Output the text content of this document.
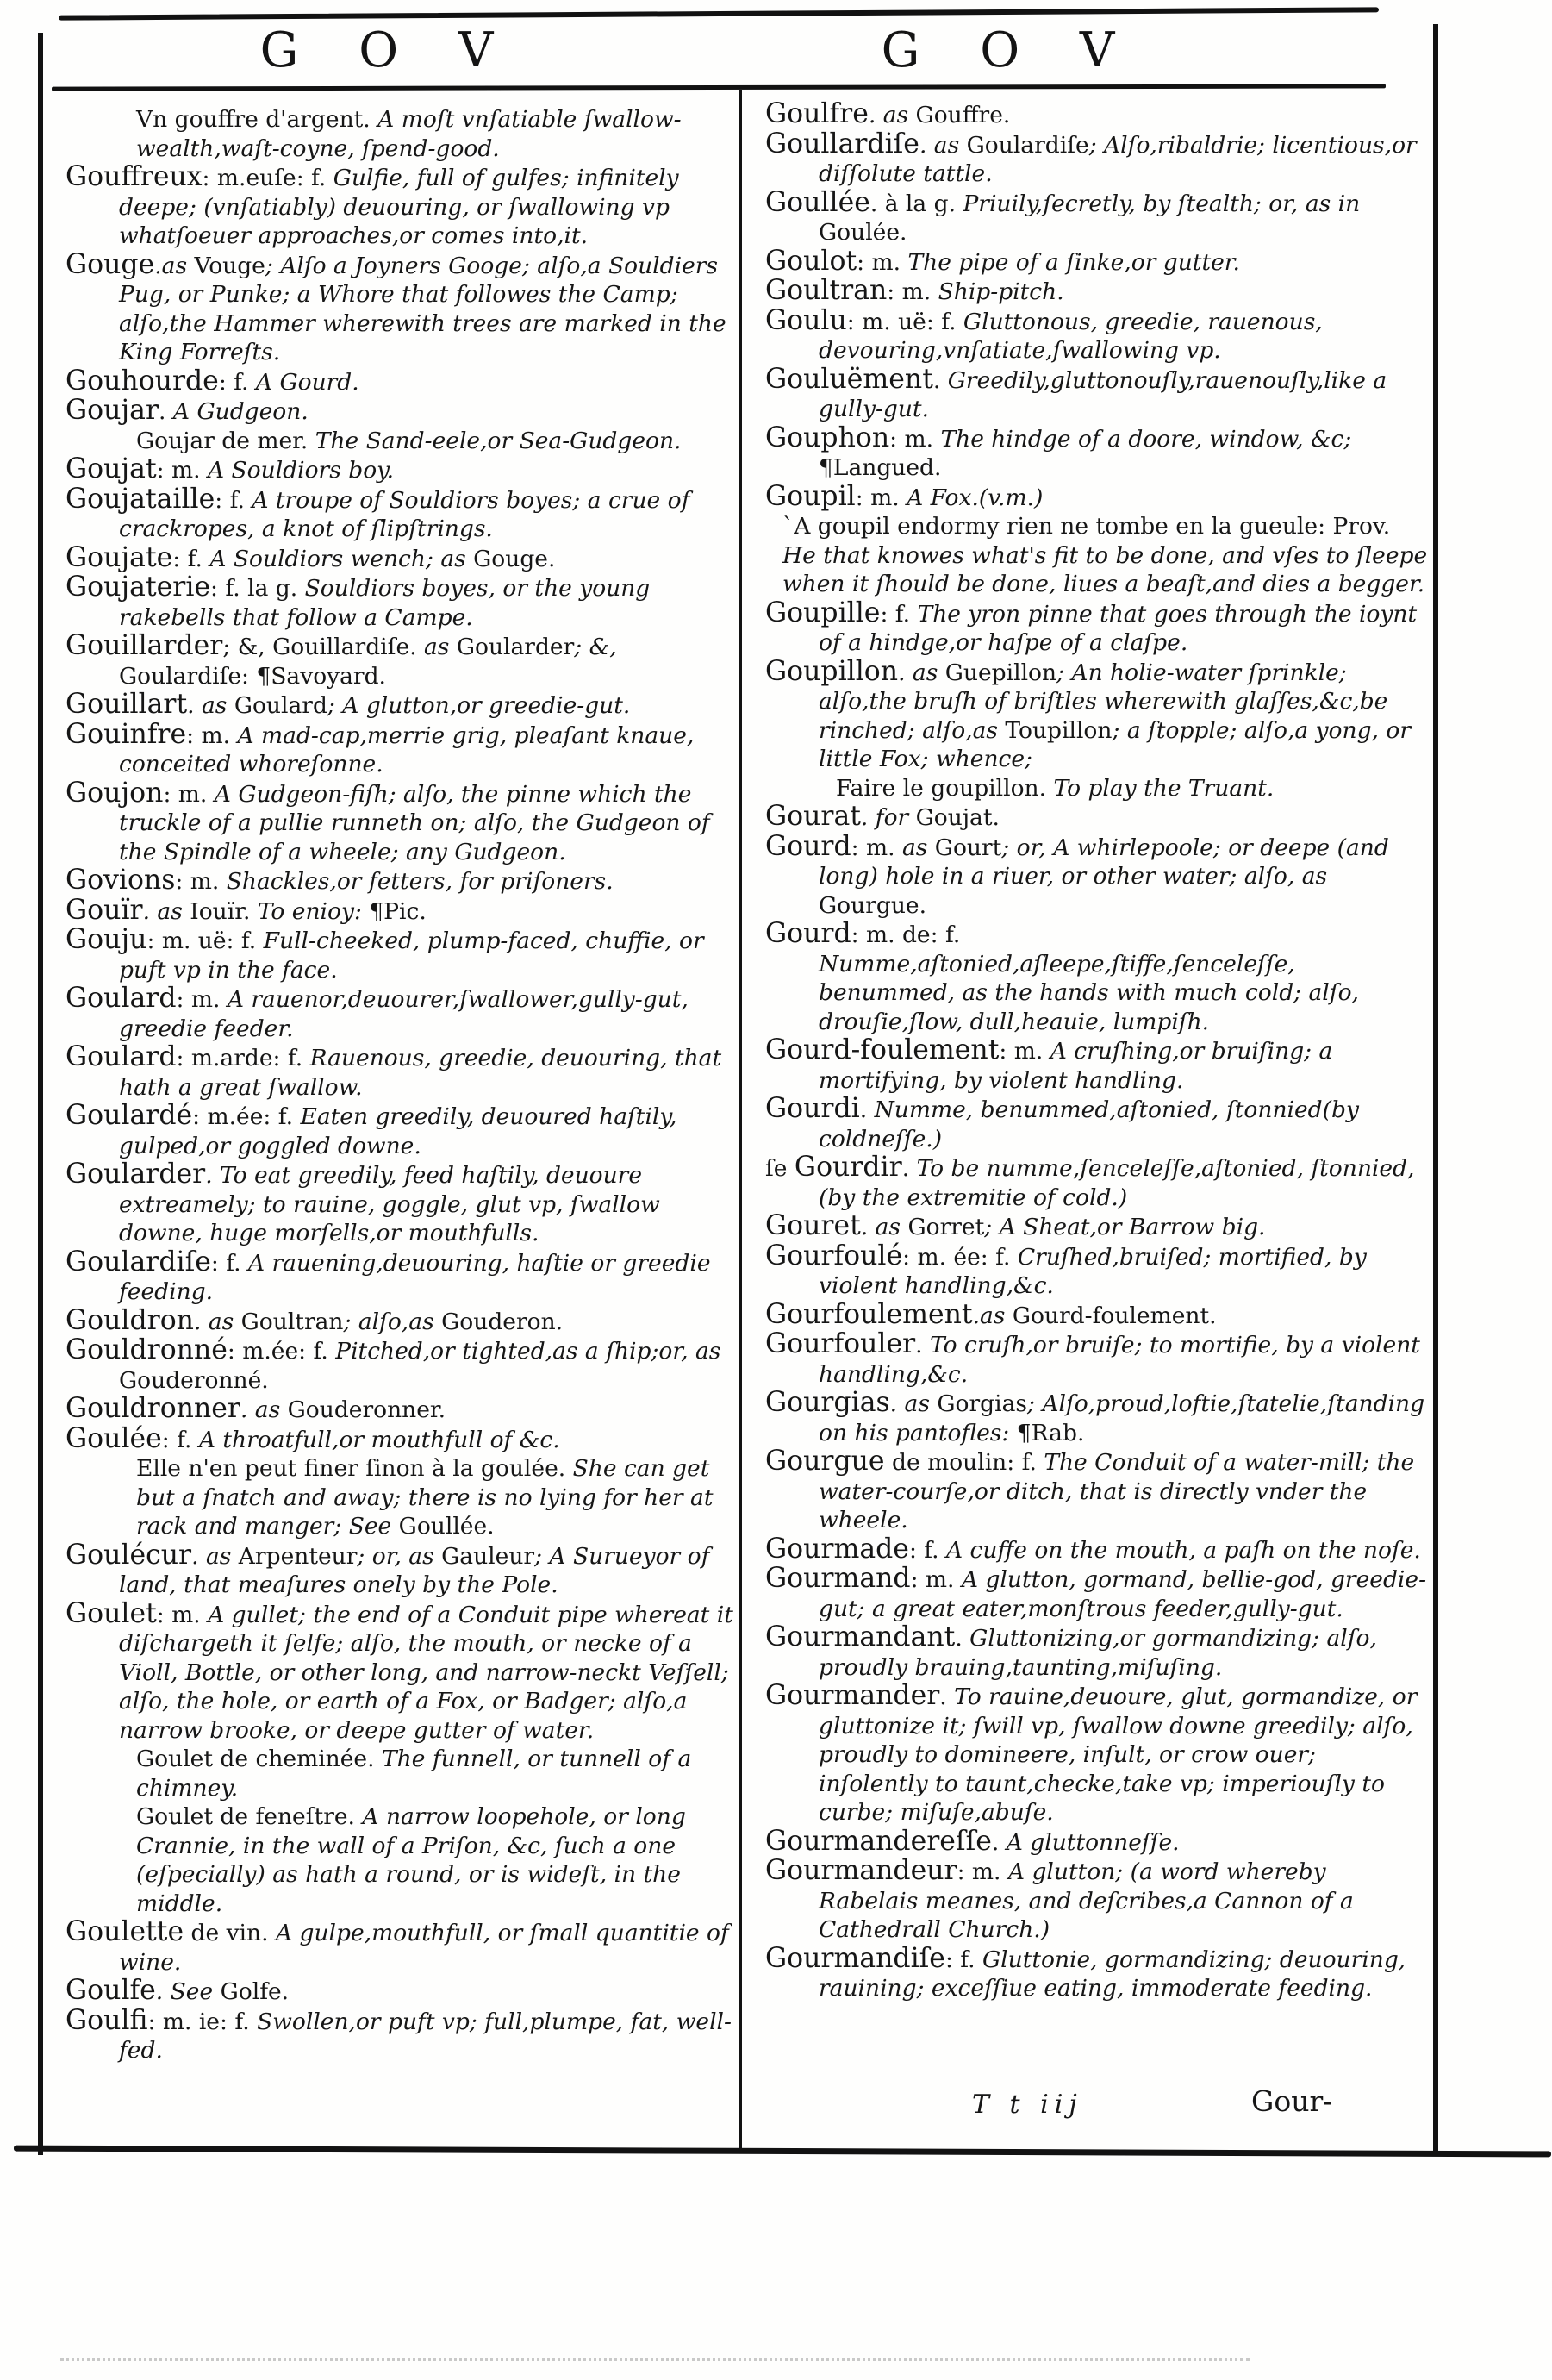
G O V	G O V

Vn gouffre d'argent. A moſt vnſatiable ſwallow-wealth,waſt-coyne, ſpend-good.

Gouffreux: m.euſe: f. Gulfie, full of gulfes; infinitely deepe; (vnſatiably) deuouring, or ſwallowing vp whatſoeuer approaches,or comes into,it.

Gouge.as Vouge; Alſo a Joyners Googe; alſo,a Souldiers Pug, or Punke; a Whore that followes the Camp; alſo,the Hammer wherewith trees are marked in the King Forreſts.

Gouhourde: f. A Gourd.

Goujar. A Gudgeon.

Goujar de mer. The Sand-eele,or Sea-Gudgeon.

Goujat: m. A Souldiors boy.

Goujataille: f. A troupe of Souldiors boyes; a crue of crackropes, a knot of ſlipſtrings.

Goujate: f. A Souldiors wench; as Gouge.

Goujaterie: f. la g. Souldiors boyes, or the young rakebells that follow a Campe.

Gouillarder; &, Gouillardiſe. as Goularder; &, Goulardiſe: ¶Savoyard.

Gouillart. as Goulard; A glutton,or greedie-gut.

Gouinfre: m. A mad-cap,merrie grig, pleaſant knaue, conceited whoreſonne.

Goujon: m. A Gudgeon-fiſh; alſo, the pinne which the truckle of a pullie runneth on; alſo, the Gudgeon of the Spindle of a wheele; any Gudgeon.

Govions: m. Shackles,or fetters, for priſoners.

Gouïr. as Iouïr. To enioy: ¶Pic.

Gouju: m. uë: f. Full-cheeked, plump-faced, chuffie, or puft vp in the face.

Goulard: m. A rauenor,deuourer,ſwallower,gully-gut, greedie feeder.

Goulard: m.arde: f. Rauenous, greedie, deuouring, that hath a great ſwallow.

Goulardé: m.ée: f. Eaten greedily, deuoured haſtily, gulped,or goggled downe.

Goularder. To eat greedily, feed haſtily, deuoure extreamely; to rauine, goggle, glut vp, ſwallow downe, huge morſells,or mouthfulls.

Goulardiſe: f. A rauening,deuouring, haſtie or greedie feeding.

Gouldron. as Goultran; alſo,as Gouderon.

Gouldronné: m.ée: f. Pitched,or tighted,as a ſhip;or, as Gouderonné.

Gouldronner. as Gouderonner.

Goulée: f. A throatfull,or mouthfull of &c.

Elle n'en peut finer ſinon à la goulée. She can get but a ſnatch and away; there is no lying for her at rack and manger; See Goullée.

Goulécur. as Arpenteur; or, as Gauleur; A Surueyor of land, that meaſures onely by the Pole.

Goulet: m. A gullet; the end of a Conduit pipe whereat it diſchargeth it ſelfe; alſo, the mouth, or necke of a Violl, Bottle, or other long, and narrow-neckt Veſſell; alſo, the hole, or earth of a Fox, or Badger; alſo,a narrow brooke, or deepe gutter of water.

Goulet de cheminée. The funnell, or tunnell of a chimney.

Goulet de feneſtre. A narrow loopehole, or long Crannie, in the wall of a Priſon, &c, ſuch a one (eſpecially) as hath a round, or is wideſt, in the middle.

Goulette de vin. A gulpe,mouthfull, or ſmall quantitie of wine.

Goulfe. See Golfe.

Goulfi: m. ie: f. Swollen,or puft vp; full,plumpe, fat, well-fed.

Goulfre. as Gouffre.

Goullardiſe. as Goulardiſe; Alſo,ribaldrie; licentious,or diſſolute tattle.

Goullée. à la g. Priuily,ſecretly, by ſtealth; or, as in Goulée.

Goulot: m. The pipe of a ſinke,or gutter.

Goultran: m. Ship-pitch.

Goulu: m. uë: f. Gluttonous, greedie, rauenous, devouring,vnſatiate,ſwallowing vp.

Gouluëment. Greedily,gluttonouſly,rauenouſly,like a gully-gut.

Gouphon: m. The hindge of a doore, window, &c; ¶Langued.

Goupil: m. A Fox.(v.m.)

`A goupil endormy rien ne tombe en la gueule: Prov. He that knowes what's fit to be done, and vſes to ſleepe when it ſhould be done, liues a beaſt,and dies a begger.

Goupille: f. The yron pinne that goes through the ioynt of a hindge,or haſpe of a claſpe.

Goupillon. as Guepillon; An holie-water ſprinkle; alſo,the bruſh of briſtles wherewith glaſſes,&c,be rinched; alſo,as Toupillon; a ſtopple; alſo,a yong, or little Fox; whence;

Faire le goupillon. To play the Truant.

Gourat. for Goujat.

Gourd: m. as Gourt; or, A whirlepoole; or deepe (and long) hole in a riuer, or other water; alſo, as Gourgue.

Gourd: m. de: f. Numme,aſtonied,aſleepe,ſtiffe,ſenceleſſe, benummed, as the hands with much cold; alſo, drouſie,ſlow, dull,heauie, lumpiſh.

Gourd-foulement: m. A cruſhing,or bruiſing; a mortifying, by violent handling.

Gourdi. Numme, benummed,aſtonied, ſtonnied(by coldneſſe.)

ſe Gourdir. To be numme,ſenceleſſe,aſtonied, ſtonnied, (by the extremitie of cold.)

Gouret. as Gorret; A Sheat,or Barrow big.

Gourfoulé: m. ée: f. Cruſhed,bruiſed; mortified, by violent handling,&c.

Gourfoulement.as Gourd-foulement.

Gourfouler. To cruſh,or bruiſe; to mortifie, by a violent handling,&c.

Gourgias. as Gorgias; Alſo,proud,loftie,ſtatelie,ſtanding on his pantofles: ¶Rab.

Gourgue de moulin: f. The Conduit of a water-mill; the water-courſe,or ditch, that is directly vnder the wheele.

Gourmade: f. A cuffe on the mouth, a paſh on the noſe.

Gourmand: m. A glutton, gormand, bellie-god, greedie-gut; a great eater,monſtrous feeder,gully-gut.

Gourmandant. Gluttonizing,or gormandizing; alſo, proudly brauing,taunting,miſuſing.

Gourmander. To rauine,deuoure, glut, gormandize, or gluttonize it; ſwill vp, ſwallow downe greedily; alſo, proudly to domineere, inſult, or crow ouer; inſolently to taunt,checke,take vp; imperiouſly to curbe; miſuſe,abuſe.

Gourmandereſſe. A gluttonneſſe.

Gourmandeur: m. A glutton; (a word whereby Rabelais meanes, and deſcribes,a Cannon of a Cathedrall Church.)

Gourmandiſe: f. Gluttonie, gormandizing; deuouring, rauining; exceſſiue eating, immoderate feeding.

T t iij	Gour-
